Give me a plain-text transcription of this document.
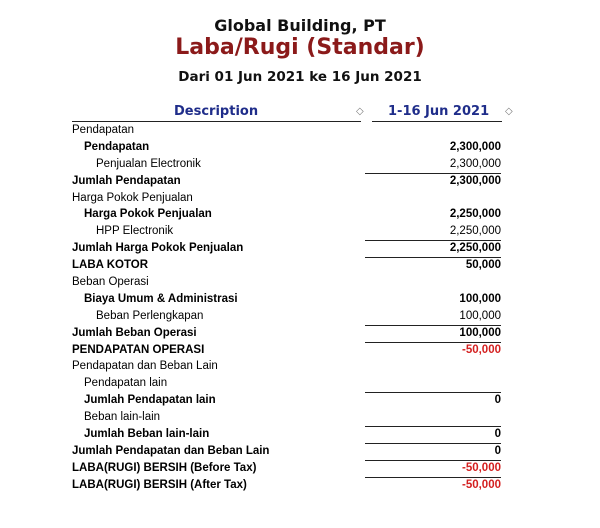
Global Building, PT
Laba/Rugi (Standar)
Dari 01 Jun 2021 ke 16 Jun 2021
Description	◇ 1-16 Jun 2021	◇
Pendapatan
Pendapatan	2,300,000
Penjualan Electronik	2,300,000
Jumlah Pendapatan	2,300,000
Harga Pokok Penjualan
Harga Pokok Penjualan	2,250,000
HPP Electronik	2,250,000
Jumlah Harga Pokok Penjualan	2,250,000
LABA KOTOR	50,000
Beban Operasi
Biaya Umum & Administrasi	100,000
Beban Perlengkapan	100,000
Jumlah Beban Operasi	100,000
PENDAPATAN OPERASI	-50,000
Pendapatan dan Beban Lain
Pendapatan lain
Jumlah Pendapatan lain	0
Beban lain-lain
Jumlah Beban lain-lain	0
Jumlah Pendapatan dan Beban Lain	0
LABA(RUGI) BERSIH (Before Tax)	-50,000
LABA(RUGI) BERSIH (After Tax)	-50,000
